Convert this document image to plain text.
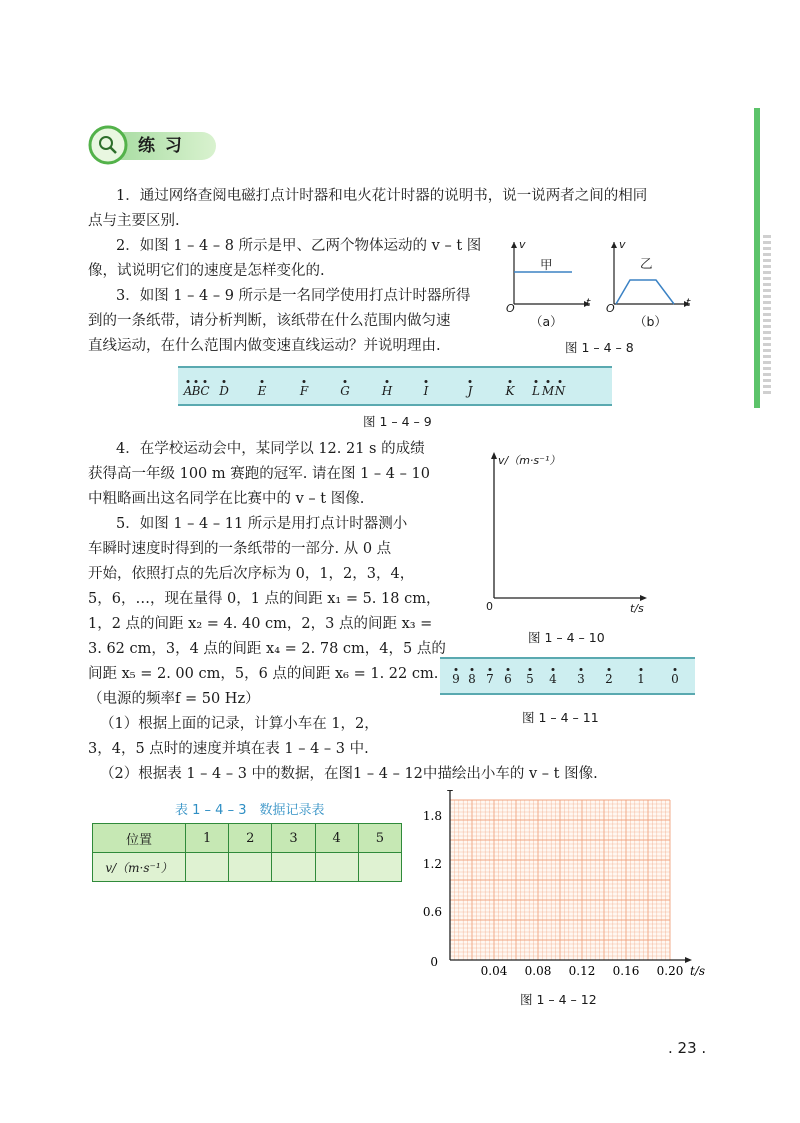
练 习
1．通过网络查阅电磁打点计时器和电火花计时器的说明书，说一说两者之间的相同
点与主要区别.
2．如图 1 – 4 – 8 所示是甲、乙两个物体运动的 v – t 图
像，试说明它们的速度是怎样变化的.
3．如图 1 – 4 – 9 所示是一名同学使用打点计时器所得
到的一条纸带，请分析判断，该纸带在什么范围内做匀速
直线运动，在什么范围内做变速直线运动？并说明理由.
v
t
O
甲
（a）
v
t
O
乙
（b）
图 1 – 4 – 8
A B C D E	F	G	H	I	J	K L M N
图 1 – 4 – 9
4．在学校运动会中，某同学以 12. 21 s 的成绩
获得高一年级 100 m 赛跑的冠军. 请在图 1 – 4 – 10
中粗略画出这名同学在比赛中的 v – t 图像.
v/（m·s⁻¹）
t/s
0
图 1 – 4 – 10
5．如图 1 – 4 – 11 所示是用打点计时器测小
车瞬时速度时得到的一条纸带的一部分. 从 0 点
开始，依照打点的先后次序标为 0，1，2，3，4，
5，6，…，现在量得 0，1 点的间距 x₁ = 5. 18 cm，
1，2 点的间距 x₂ = 4. 40 cm，2，3 点的间距 x₃ =
3. 62 cm，3，4 点的间距 x₄ = 2. 78 cm，4，5 点的
间距 x₅ = 2. 00 cm，5，6 点的间距 x₆ = 1. 22 cm.
（电源的频率f = 50 Hz）
（1）根据上面的记录，计算小车在 1，2，
3，4，5 点时的速度并填在表 1 – 4 – 3 中.
（2）根据表 1 – 4 – 3 中的数据，在图1 – 4 – 12中描绘出小车的 v – t 图像.
9 8 7 6 5 4 3 2 1 0
图 1 – 4 – 11
表 1 – 4 – 3　数据记录表
位置	1	2	3	4	5
v/（m·s⁻¹）					
0.04 0.08 0.12 0.16 0.20
0.6
1.2
1.8
0
t/s
图 1 – 4 – 12
. 23 .
